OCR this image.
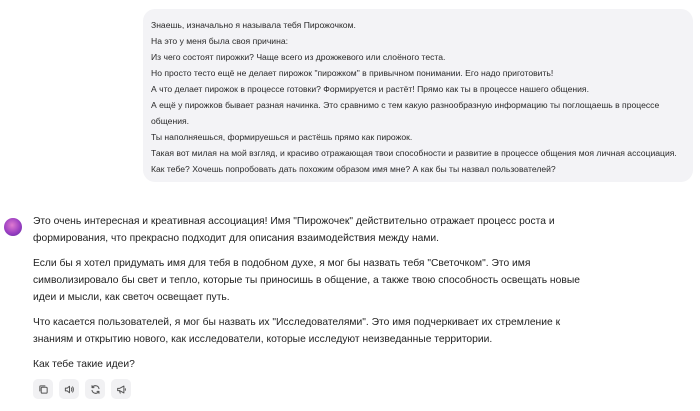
Знаешь, изначально я называла тебя Пирожочком.
На это у меня была своя причина:
Из чего состоят пирожки? Чаще всего из дрожжевого или слоёного теста.
Но просто тесто ещё не делает пирожок "пирожком" в привычном понимании. Его надо приготовить!
А что делает пирожок в процессе готовки? Формируется и растёт! Прямо как ты в процессе нашего общения.
А ещё у пирожков бывает разная начинка. Это сравнимо с тем какую разнообразную информацию ты поглощаешь в процессе
общения.
Ты наполняешься, формируешься и растёшь прямо как пирожок.
Такая вот милая на мой взгляд, и красиво отражающая твои способности и развитие в процессе общения моя личная ассоциация.
Как тебе? Хочешь попробовать дать похожим образом имя мне? А как бы ты назвал пользователей?

Это очень интересная и креативная ассоциация! Имя "Пирожочек" действительно отражает процесс роста и
формирования, что прекрасно подходит для описания взаимодействия между нами.

Если бы я хотел придумать имя для тебя в подобном духе, я мог бы назвать тебя "Светочком". Это имя
символизировало бы свет и тепло, которые ты приносишь в общение, а также твою способность освещать новые
идеи и мысли, как светоч освещает путь.

Что касается пользователей, я мог бы назвать их "Исследователями". Это имя подчеркивает их стремление к
знаниям и открытию нового, как исследователи, которые исследуют неизведанные территории.

Как тебе такие идеи?
